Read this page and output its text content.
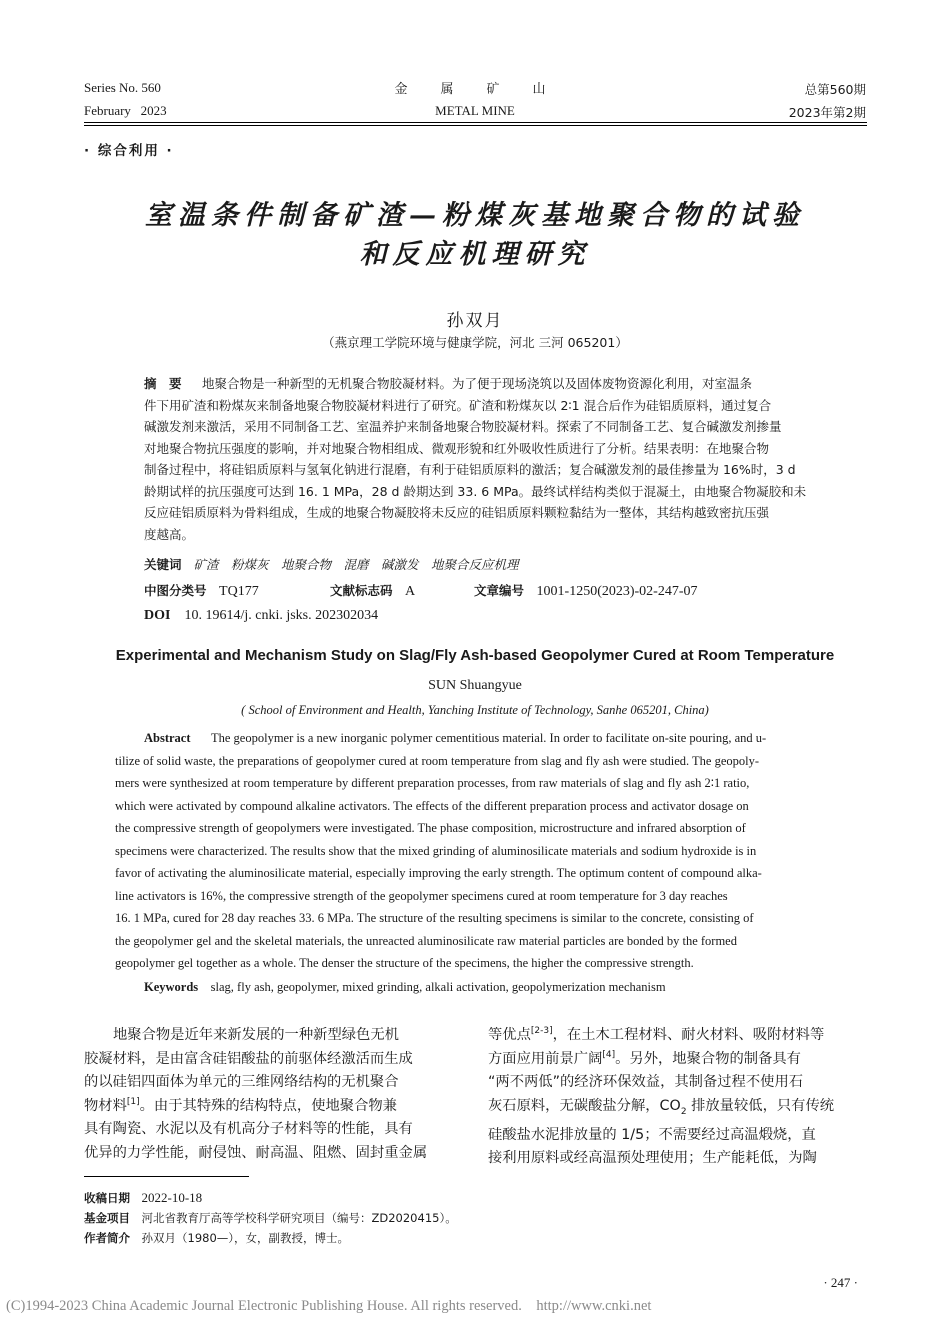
Series No. 560
February   2023
金　属　矿　山
METAL MINE
总第560期
2023年第2期
· 综合利用 ·
室温条件制备矿渣—粉煤灰基地聚合物的试验
和反应机理研究
孙双月
（燕京理工学院环境与健康学院，河北 三河 065201）
摘　要 地聚合物是一种新型的无机聚合物胶凝材料。为了便于现场浇筑以及固体废物资源化利用，对室温条
件下用矿渣和粉煤灰来制备地聚合物胶凝材料进行了研究。矿渣和粉煤灰以 2∶1 混合后作为硅铝质原料，通过复合
碱激发剂来激活，采用不同制备工艺、室温养护来制备地聚合物胶凝材料。探索了不同制备工艺、复合碱激发剂掺量
对地聚合物抗压强度的影响，并对地聚合物相组成、微观形貌和红外吸收性质进行了分析。结果表明：在地聚合物
制备过程中，将硅铝质原料与氢氧化钠进行混磨，有利于硅铝质原料的激活；复合碱激发剂的最佳掺量为 16%时，3 d
龄期试样的抗压强度可达到 16. 1 MPa，28 d 龄期达到 33. 6 MPa。最终试样结构类似于混凝土，由地聚合物凝胶和未
反应硅铝质原料为骨料组成，生成的地聚合物凝胶将未反应的硅铝质原料颗粒黏结为一整体，其结构越致密抗压强
度越高。
关键词 矿渣　粉煤灰　地聚合物　混磨　碱激发　地聚合反应机理
中图分类号　 TQ177	文献标志码　 A	文章编号　 1001-1250(2023)-02-247-07
DOI　 10. 19614/j. cnki. jsks. 202302034
Experimental and Mechanism Study on Slag/Fly Ash-based Geopolymer Cured at Room Temperature
SUN Shuangyue
( School of Environment and Health, Yanching Institute of Technology, Sanhe 065201, China)
Abstract The geopolymer is a new inorganic polymer cementitious material. In order to facilitate on-site pouring, and u-
tilize of solid waste, the preparations of geopolymer cured at room temperature from slag and fly ash were studied. The geopoly-
mers were synthesized at room temperature by different preparation processes, from raw materials of slag and fly ash 2∶1 ratio,
which were activated by compound alkaline activators. The effects of the different preparation process and activator dosage on
the compressive strength of geopolymers were investigated. The phase composition, microstructure and infrared absorption of
specimens were characterized. The results show that the mixed grinding of aluminosilicate materials and sodium hydroxide is in
favor of activating the aluminosilicate material, especially improving the early strength. The optimum content of compound alka-
line activators is 16%, the compressive strength of the geopolymer specimens cured at room temperature for 3 day reaches
16. 1 MPa, cured for 28 day reaches 33. 6 MPa. The structure of the resulting specimens is similar to the concrete, consisting of
the geopolymer gel and the skeletal materials, the unreacted aluminosilicate raw material particles are bonded by the formed
geopolymer gel together as a whole. The denser the structure of the specimens, the higher the compressive strength.
Keywords slag, fly ash, geopolymer, mixed grinding, alkali activation, geopolymerization mechanism
地聚合物是近年来新发展的一种新型绿色无机
胶凝材料，是由富含硅铝酸盐的前驱体经激活而生成
的以硅铝四面体为单元的三维网络结构的无机聚合
物材料[1]。由于其特殊的结构特点，使地聚合物兼
具有陶瓷、水泥以及有机高分子材料等的性能，具有
优异的力学性能，耐侵蚀、耐高温、阻燃、固封重金属
等优点[2-3]，在土木工程材料、耐火材料、吸附材料等
方面应用前景广阔[4]。另外，地聚合物的制备具有
“两不两低”的经济环保效益，其制备过程不使用石
灰石原料，无碳酸盐分解，$CO_2$ 排放量较低，只有传统
硅酸盐水泥排放量的 1/5；不需要经过高温煅烧，直
接利用原料或经高温预处理使用；生产能耗低，为陶
收稿日期　 2022-10-18
基金项目　 河北省教育厅高等学校科学研究项目（编号：ZD2020415）。
作者简介　 孙双月（1980—），女，副教授，博士。
· 247 ·
(C)1994-2023 China Academic Journal Electronic Publishing House. All rights reserved.    http://www.cnki.net
